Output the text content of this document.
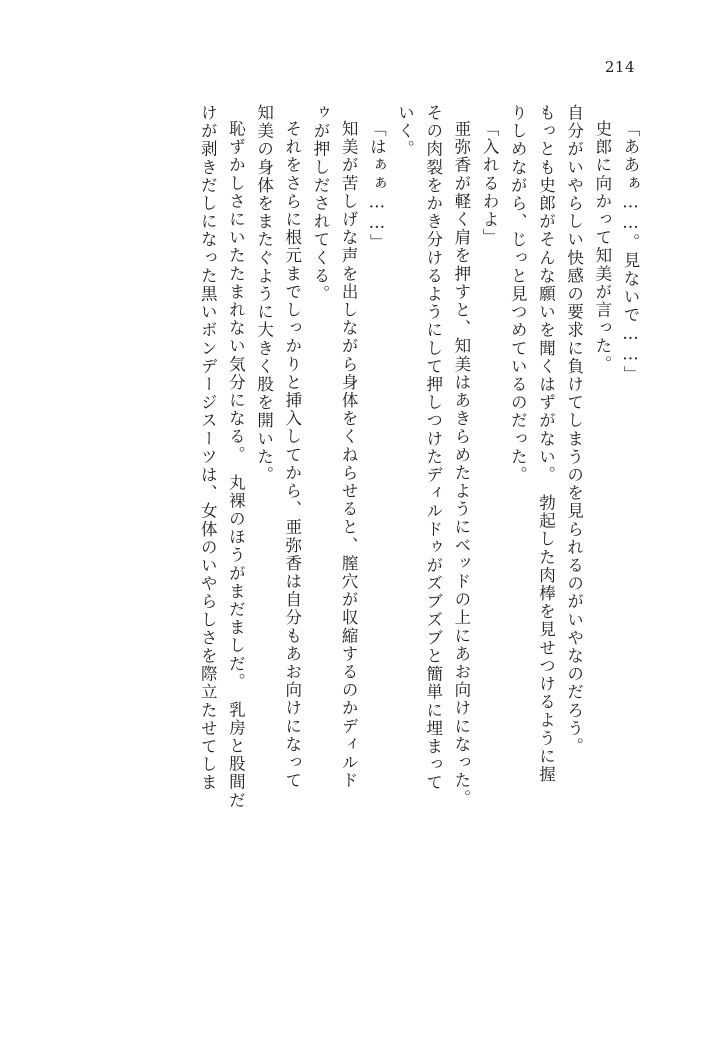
214
「ああぁ……。見ないで……」
史郎に向かって知美が言った。
自分がいやらしい快感の要求に負けてしまうのを見られるのがいやなのだろう。
もっとも史郎がそんな願いを聞くはずがない。　勃起した肉棒を見せつけるように握
りしめながら、じっと見つめているのだった。
「入れるわよ」
亜弥香が軽く肩を押すと、知美はあきらめたようにベッドの上にあお向けになった。
その肉裂をかき分けるようにして押しつけたディルドゥがズブズブと簡単に埋まって
いく。
「はぁぁ……」
知美が苦しげな声を出しながら身体をくねらせると、膣穴が収縮するのかディルド
ゥが押しだされてくる。
それをさらに根元までしっかりと挿入してから、亜弥香は自分もあお向けになって
知美の身体をまたぐように大きく股を開いた。
恥ずかしさにいたたまれない気分になる。　丸裸のほうがまだましだ。　乳房と股間だ
けが剥きだしになった黒いボンデージスーツは、女体のいやらしさを際立たせてしま
